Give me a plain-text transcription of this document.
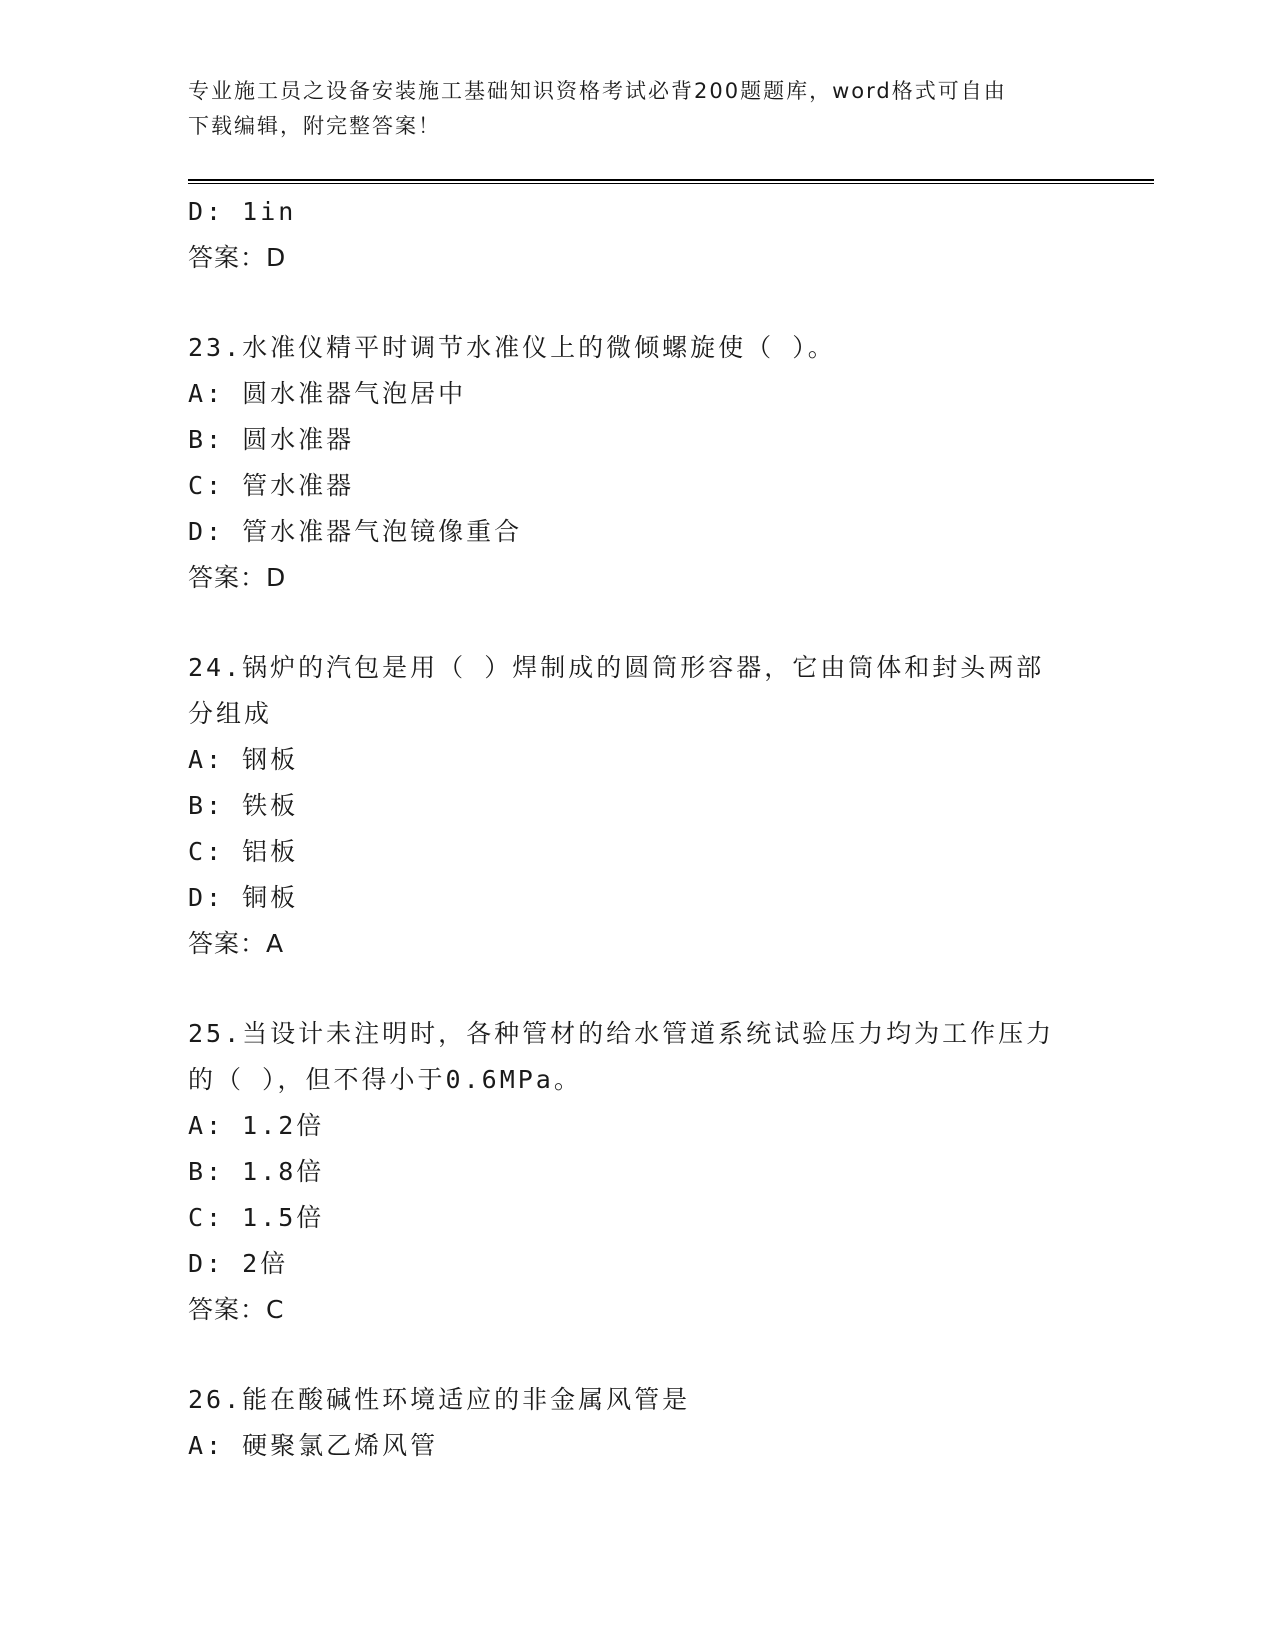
专业施工员之设备安装施工基础知识资格考试必背200题题库，word格式可自由
下载编辑，附完整答案！
D: 1in
答案：D
23.水准仪精平时调节水准仪上的微倾螺旋使（ ）。
A: 圆水准器气泡居中
B: 圆水准器
C: 管水准器
D: 管水准器气泡镜像重合
答案：D
24.锅炉的汽包是用（ ）焊制成的圆筒形容器，它由筒体和封头两部
分组成
A: 钢板
B: 铁板
C: 铝板
D: 铜板
答案：A
25.当设计未注明时，各种管材的给水管道系统试验压力均为工作压力
的（ ），但不得小于0.6MPa。
A: 1.2倍
B: 1.8倍
C: 1.5倍
D: 2倍
答案：C
26.能在酸碱性环境适应的非金属风管是
A: 硬聚氯乙烯风管
